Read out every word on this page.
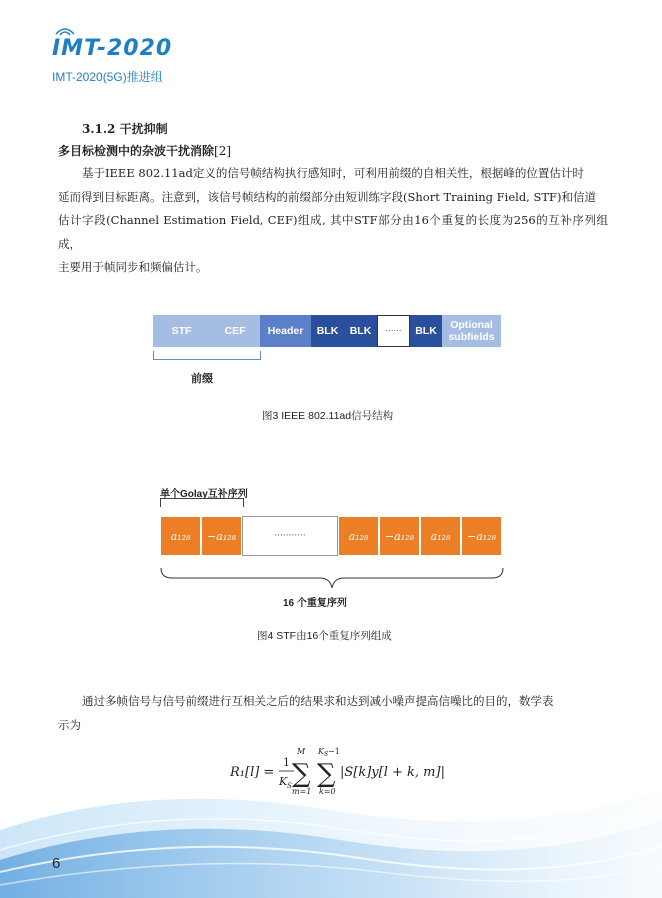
IMT-2020
IMT-2020(5G)推进组
3.1.2 干扰抑制
多目标检测中的杂波干扰消除[2]

基于IEEE 802.11ad定义的信号帧结构执行感知时，可利用前缀的自相关性，根据峰的位置估计时

延而得到目标距离。注意到，该信号帧结构的前缀部分由短训练字段(Short Training Field, STF)和信道

估计字段(Channel Estimation Field, CEF)组成, 其中STF部分由16个重复的长度为256的互补序列组成，

主要用于帧同步和频偏估计。

STF	CEF	Header	BLK	BLK	······	BLK	Optional
subfields
前缀
图3 IEEE 802.11ad信号结构
单个Golay互补序列
a₁₂₈	−a₁₂₈	···········	a₁₂₈	−a₁₂₈	a₁₂₈	−a₁₂₈
16 个重复序列
图4 STF由16个重复序列组成

通过多帧信号与信号前缀进行互相关之后的结果求和达到减小噪声提高信噪比的目的，数学表

示为

R₁[l] =
1
K S
M
∑
m=1
K S −1
∑
k=0
|S[k]y[l + k, m]|
6
